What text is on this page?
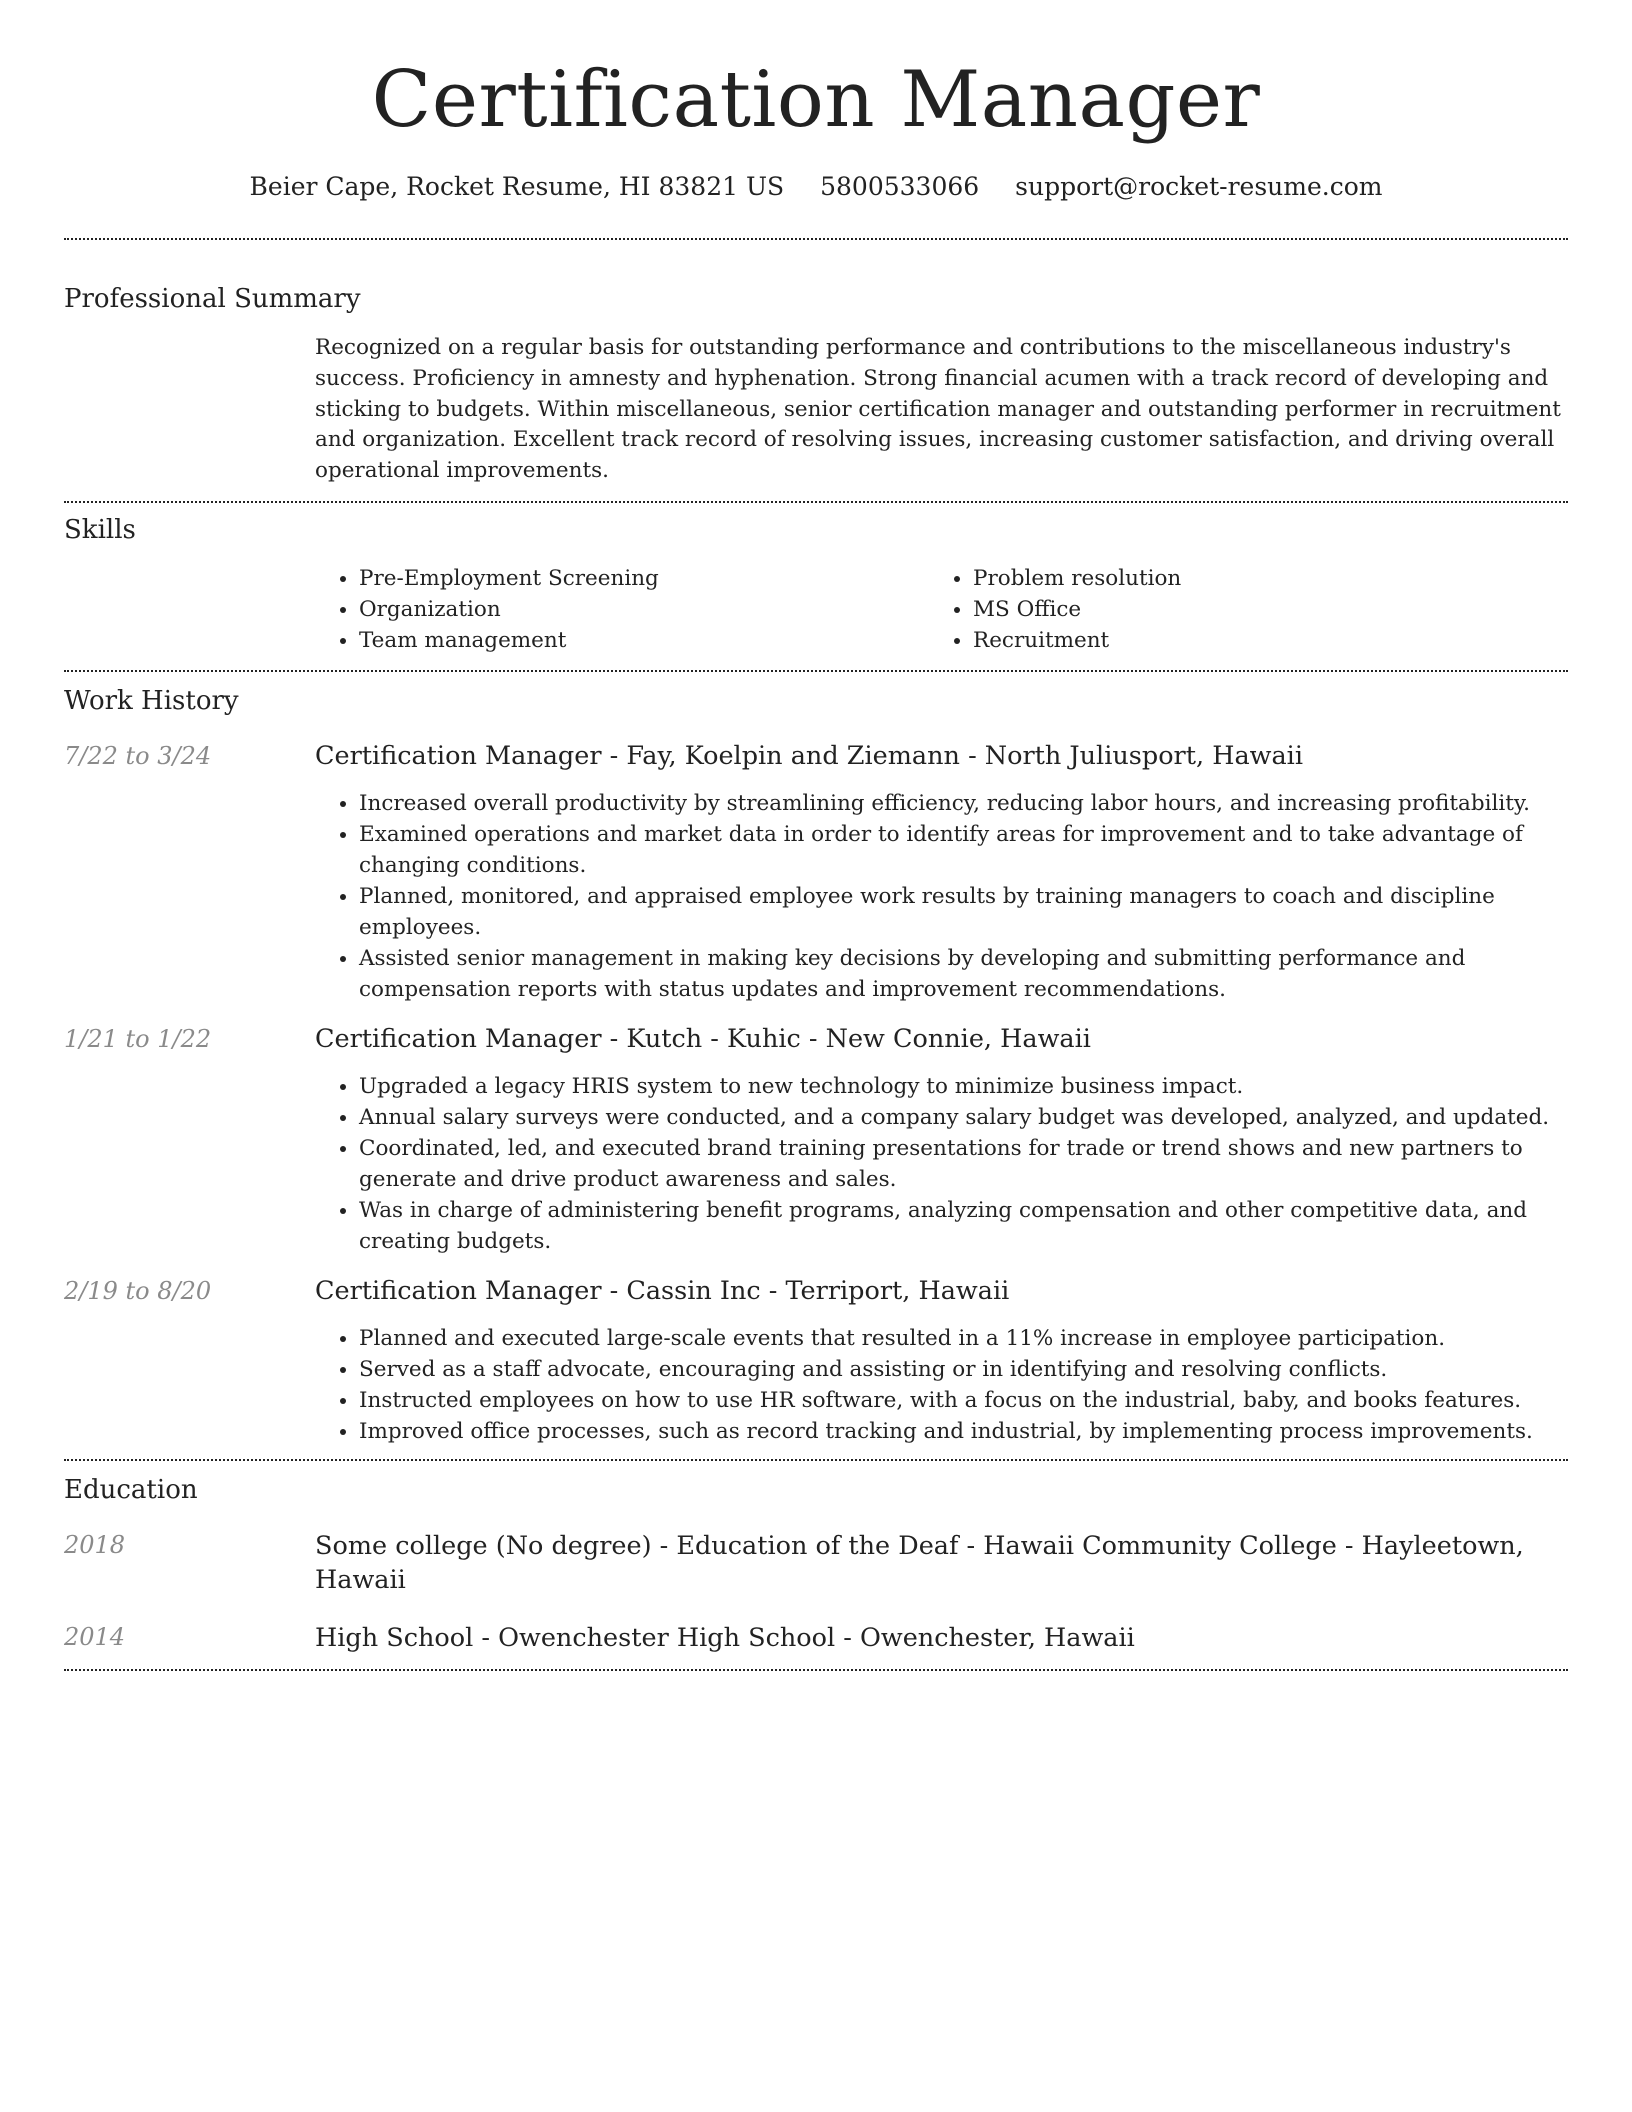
Certification Manager
Beier Cape, Rocket Resume, HI 83821 US 5800533066 support@rocket-resume.com
Professional Summary
Recognized on a regular basis for outstanding performance and contributions to the miscellaneous industry's success. Proficiency in amnesty and hyphenation. Strong financial acumen with a track record of developing and sticking to budgets. Within miscellaneous, senior certification manager and outstanding performer in recruitment and organization. Excellent track record of resolving issues, increasing customer satisfaction, and driving overall operational improvements.
Skills
• Pre-Employment Screening
• Organization
• Team management
• Problem resolution
• MS Office
• Recruitment
Work History
7/22 to 3/24	Certification Manager - Fay, Koelpin and Ziemann - North Juliusport, Hawaii
• Increased overall productivity by streamlining efficiency, reducing labor hours, and increasing profitability.
• Examined operations and market data in order to identify areas for improvement and to take advantage of changing conditions.
• Planned, monitored, and appraised employee work results by training managers to coach and discipline employees.
• Assisted senior management in making key decisions by developing and submitting performance and compensation reports with status updates and improvement recommendations.
1/21 to 1/22	Certification Manager - Kutch - Kuhic - New Connie, Hawaii
• Upgraded a legacy HRIS system to new technology to minimize business impact.
• Annual salary surveys were conducted, and a company salary budget was developed, analyzed, and updated.
• Coordinated, led, and executed brand training presentations for trade or trend shows and new partners to generate and drive product awareness and sales.
• Was in charge of administering benefit programs, analyzing compensation and other competitive data, and creating budgets.
2/19 to 8/20	Certification Manager - Cassin Inc - Terriport, Hawaii
• Planned and executed large-scale events that resulted in a 11% increase in employee participation.
• Served as a staff advocate, encouraging and assisting or in identifying and resolving conflicts.
• Instructed employees on how to use HR software, with a focus on the industrial, baby, and books features.
• Improved office processes, such as record tracking and industrial, by implementing process improvements.
Education
2018	Some college (No degree) - Education of the Deaf - Hawaii Community College - Hayleetown, Hawaii
2014	High School - Owenchester High School - Owenchester, Hawaii
